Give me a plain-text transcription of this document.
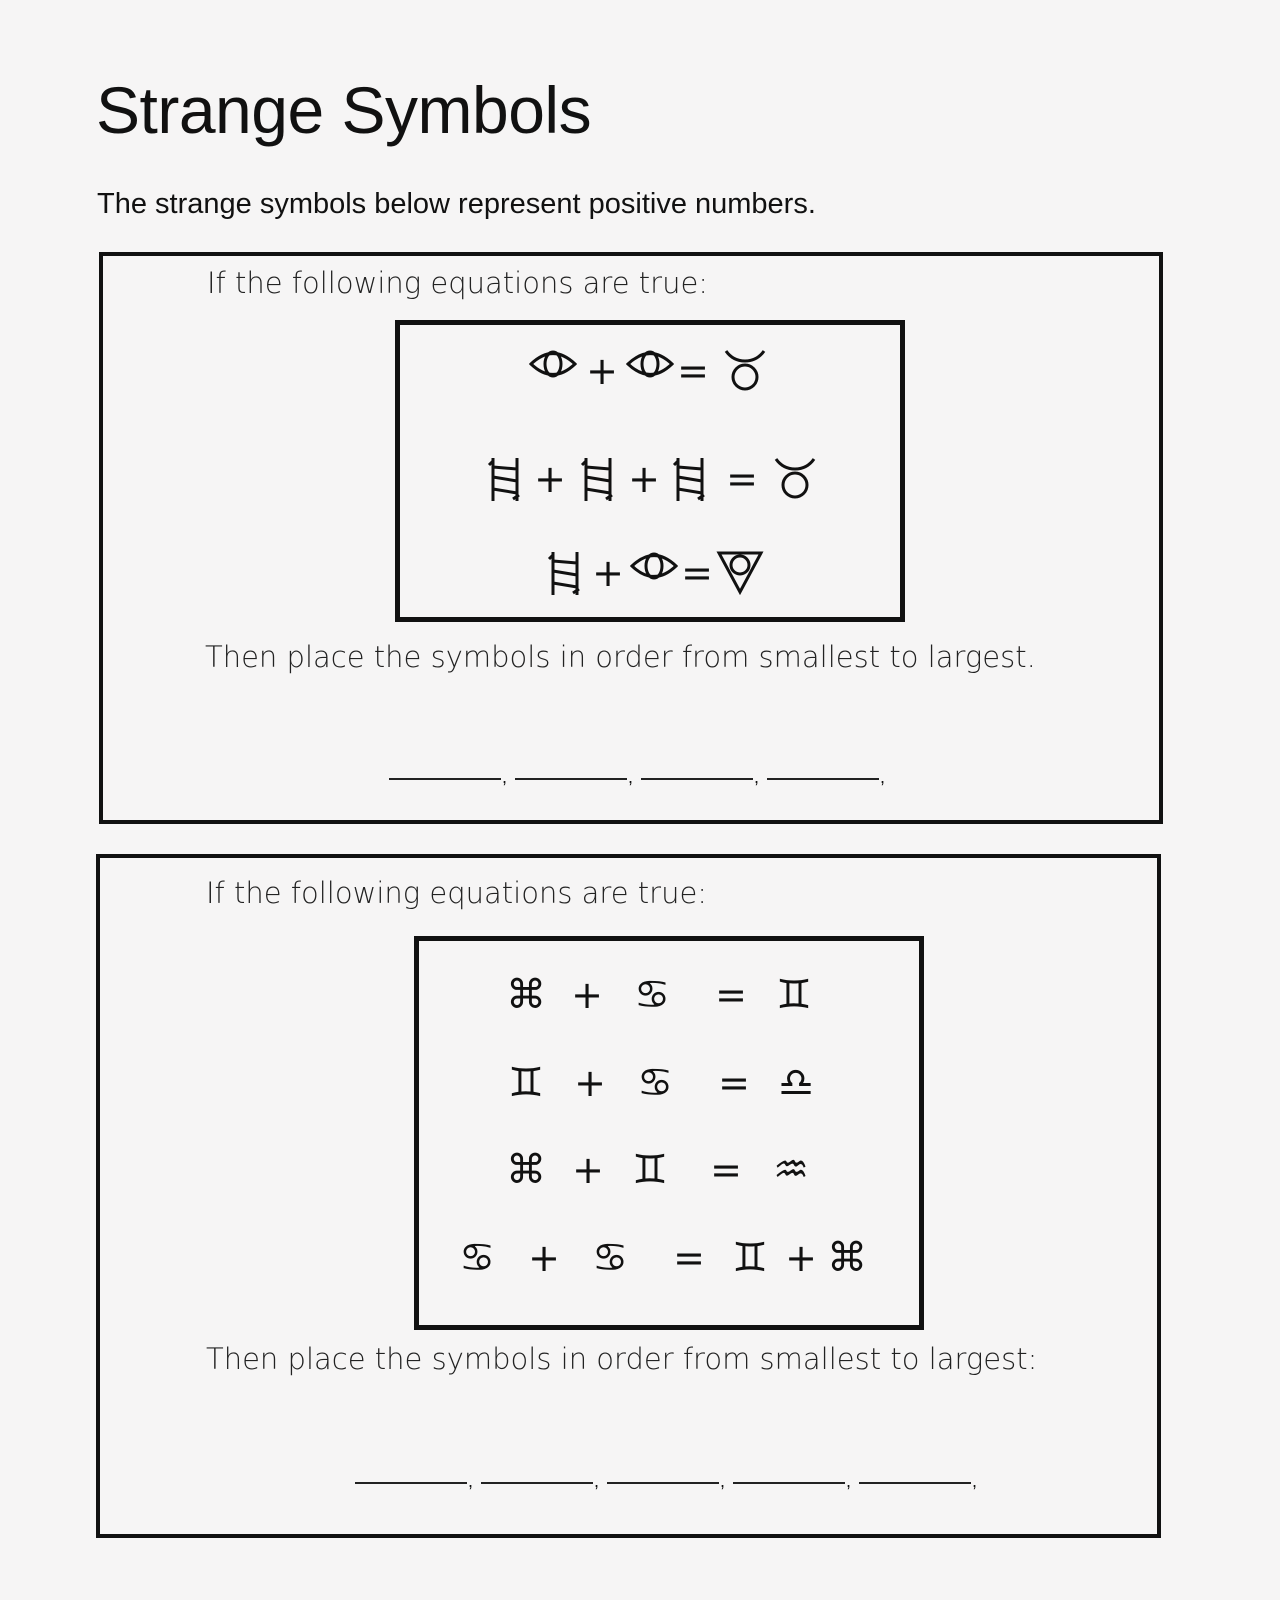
Strange Symbols

The strange symbols below represent positive numbers.

If the following equations are true:

+ =
+ + =
+ =

Then place the symbols in order from smallest to largest.

,
,
,
,

If the following equations are true:

⌘ + ♋	= ♊
♊ + ♋	= ♎
⌘ + ♊	= ♒
♋ + ♋	= ♊ + ⌘

Then place the symbols in order from smallest to largest:

,
,
,
,
,
